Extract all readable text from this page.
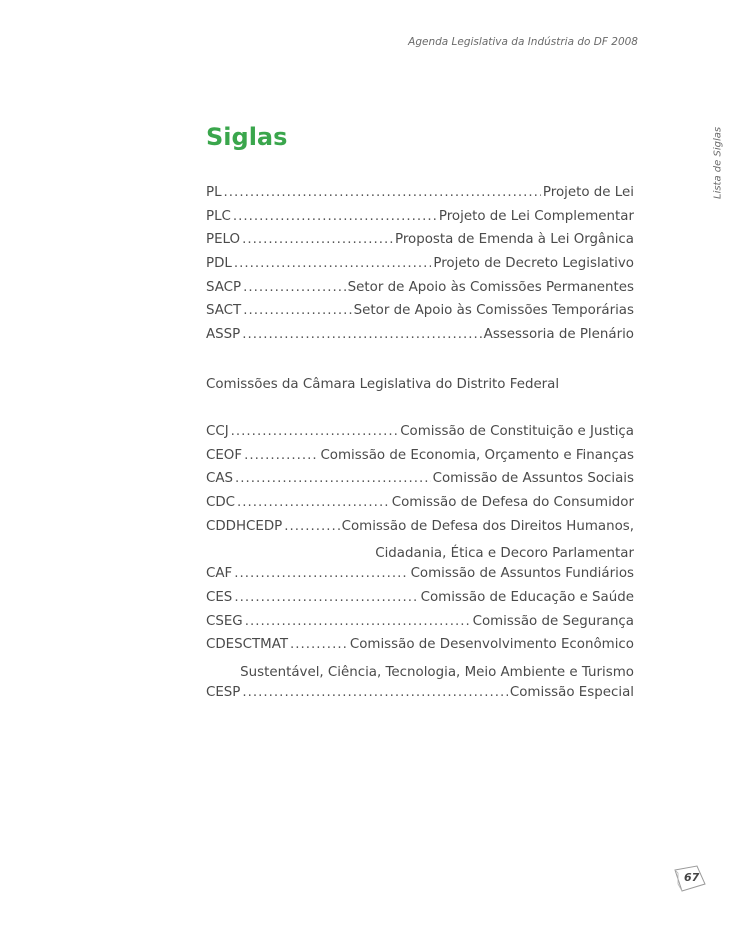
Agenda Legislativa da Indústria do DF 2008
Lista de Siglas
Siglas
PL .....	Projeto de Lei
PLC .....	Projeto de Lei Complementar
PELO .....	Proposta de Emenda à Lei Orgânica
PDL .....	Projeto de Decreto Legislativo
SACP .....	Setor de Apoio às Comissões Permanentes
SACT .....	Setor de Apoio às Comissões Temporárias
ASSP .....	Assessoria de Plenário

Comissões da Câmara Legislativa do Distrito Federal

CCJ .....	Comissão de Constituição e Justiça
CEOF .....	Comissão de Economia, Orçamento e Finanças
CAS .....	Comissão de Assuntos Sociais
CDC .....	Comissão de Defesa do Consumidor
CDDHCEDP .....	Comissão de Defesa dos Direitos Humanos,
Cidadania, Ética e Decoro Parlamentar
CAF .....	Comissão de Assuntos Fundiários
CES .....	Comissão de Educação e Saúde
CSEG .....	Comissão de Segurança
CDESCTMAT .....	Comissão de Desenvolvimento Econômico
Sustentável, Ciência, Tecnologia, Meio Ambiente e Turismo
CESP .....	Comissão Especial
67
